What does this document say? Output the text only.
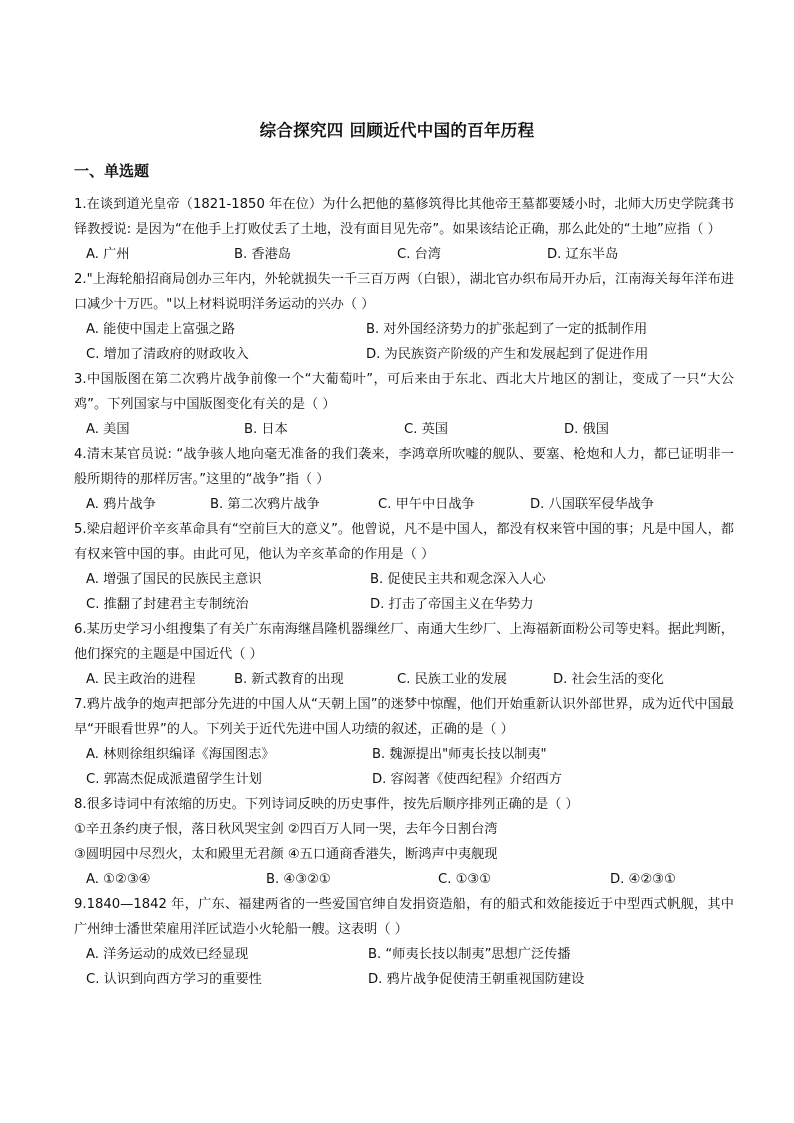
综合探究四 回顾近代中国的百年历程
一、单选题
1.在谈到道光皇帝（1821-1850 年在位）为什么把他的墓修筑得比其他帝王墓都要矮小时，北师大历史学院龚书铎教授说: 是因为“在他手上打败仗丢了土地，没有面目见先帝”。如果该结论正确，那么此处的“土地”应指（ ）
A. 广州	B. 香港岛	C. 台湾	D. 辽东半岛
2."上海轮船招商局创办三年内，外轮就损失一千三百万两（白银），湖北官办织布局开办后，江南海关每年洋布进口减少十万匹。"以上材料说明洋务运动的兴办（ ）
A. 能使中国走上富强之路	B. 对外国经济势力的扩张起到了一定的抵制作用
C. 增加了清政府的财政收入	D. 为民族资产阶级的产生和发展起到了促进作用
3.中国版图在第二次鸦片战争前像一个“大葡萄叶”，可后来由于东北、西北大片地区的割让，变成了一只“大公鸡”。下列国家与中国版图变化有关的是（ ）
A. 美国	B. 日本	C. 英国	D. 俄国
4.清末某官员说: “战争骇人地向毫无准备的我们袭来，李鸿章所吹嘘的舰队、要塞、枪炮和人力，都已证明非一般所期待的那样厉害。”这里的“战争”指（ ）
A. 鸦片战争	B. 第二次鸦片战争	C. 甲午中日战争	D. 八国联军侵华战争
5.梁启超评价辛亥革命具有“空前巨大的意义”。他曾说，凡不是中国人，都没有权来管中国的事；凡是中国人，都有权来管中国的事。由此可见，他认为辛亥革命的作用是（ ）
A. 增强了国民的民族民主意识	B. 促使民主共和观念深入人心
C. 推翻了封建君主专制统治	D. 打击了帝国主义在华势力
6.某历史学习小组搜集了有关广东南海继昌隆机器缫丝厂、南通大生纱厂、上海福新面粉公司等史料。据此判断，他们探究的主题是中国近代（ ）
A. 民主政治的进程	B. 新式教育的出现	C. 民族工业的发展	D. 社会生活的变化
7.鸦片战争的炮声把部分先进的中国人从“天朝上国”的迷梦中惊醒，他们开始重新认识外部世界，成为近代中国最早“开眼看世界”的人。下列关于近代先进中国人功绩的叙述，正确的是（ ）
A. 林则徐组织编译《海国图志》	B. 魏源提出"师夷长技以制夷"
C. 郭嵩杰促成派遣留学生计划	D. 容闳著《使西纪程》介绍西方
8.很多诗词中有浓缩的历史。下列诗词反映的历史事件，按先后顺序排列正确的是（ ）
①辛丑条约庚子恨，落日秋风哭宝剑 ②四百万人同一哭，去年今日割台湾
③圆明园中尽烈火，太和殿里无君颜 ④五口通商香港失，断鸿声中夷舰现
A. ①②③④	B. ④③②①	C. ①③①	D. ④②③①
9.1840—1842 年，广东、福建两省的一些爱国官绅自发捐资造船，有的船式和效能接近于中型西式帆舰，其中广州绅士潘世荣雇用洋匠试造小火轮船一艘。这表明（ ）
A. 洋务运动的成效已经显现	B. “师夷长技以制夷”思想广泛传播
C. 认识到向西方学习的重要性	D. 鸦片战争促使清王朝重视国防建设
